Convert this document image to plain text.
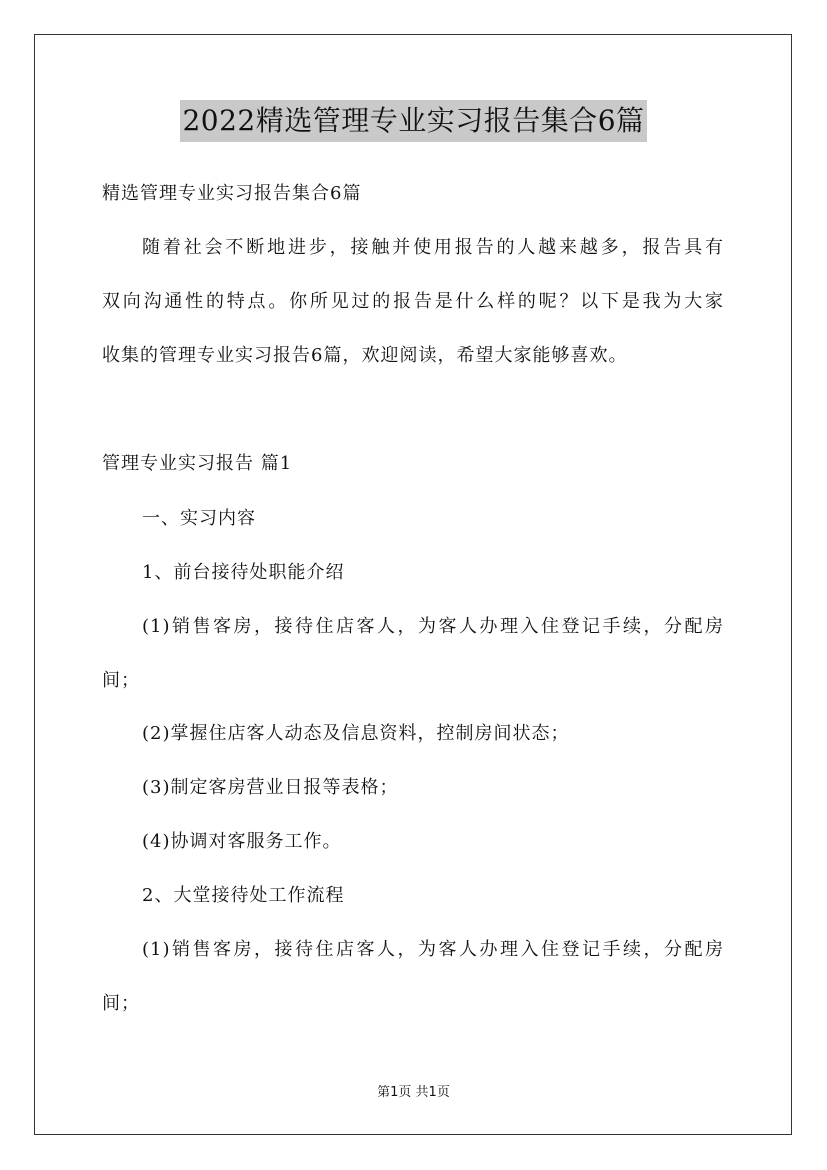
2022精选管理专业实习报告集合6篇
精选管理专业实习报告集合6篇
随着社会不断地进步，接触并使用报告的人越来越多，报告具有
双向沟通性的特点。你所见过的报告是什么样的呢？以下是我为大家
收集的管理专业实习报告6篇，欢迎阅读，希望大家能够喜欢。
管理专业实习报告 篇1
一、实习内容
1、前台接待处职能介绍
(1)销售客房，接待住店客人，为客人办理入住登记手续，分配房
间；
(2)掌握住店客人动态及信息资料，控制房间状态；
(3)制定客房营业日报等表格；
(4)协调对客服务工作。
2、大堂接待处工作流程
(1)销售客房，接待住店客人，为客人办理入住登记手续，分配房
间；
第1页 共1页
